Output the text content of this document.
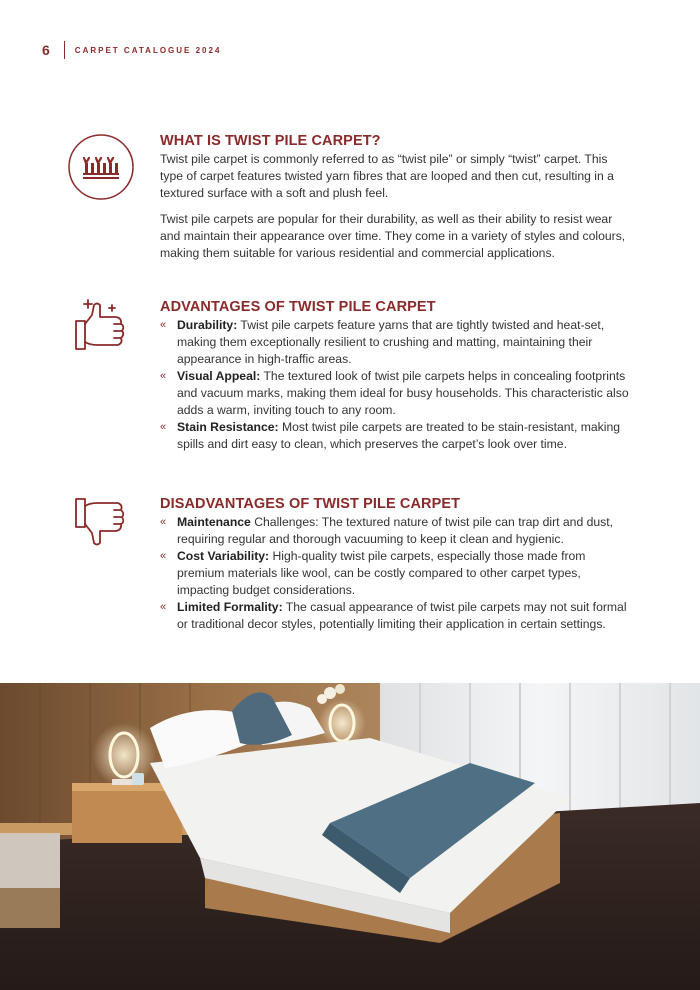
6	CARPET CATALOGUE 2024
WHAT IS TWIST PILE CARPET?

Twist pile carpet is commonly referred to as “twist pile” or simply “twist” carpet. This type of carpet features twisted yarn fibres that are looped and then cut, resulting in a textured surface with a soft and plush feel.

Twist pile carpets are popular for their durability, as well as their ability to resist wear and maintain their appearance over time. They come in a variety of styles and colours, making them suitable for various residential and commercial applications.

ADVANTAGES OF TWIST PILE CARPET
« Durability: Twist pile carpets feature yarns that are tightly twisted and heat-set, making them exceptionally resilient to crushing and matting, maintaining their appearance in high-traffic areas.
« Visual Appeal: The textured look of twist pile carpets helps in concealing footprints and vacuum marks, making them ideal for busy households. This characteristic also adds a warm, inviting touch to any room.
« Stain Resistance: Most twist pile carpets are treated to be stain-resistant, making spills and dirt easy to clean, which preserves the carpet’s look over time.
DISADVANTAGES OF TWIST PILE CARPET
« Maintenance Challenges: The textured nature of twist pile can trap dirt and dust, requiring regular and thorough vacuuming to keep it clean and hygienic.
« Cost Variability: High-quality twist pile carpets, especially those made from premium materials like wool, can be costly compared to other carpet types, impacting budget considerations.
« Limited Formality: The casual appearance of twist pile carpets may not suit formal or traditional decor styles, potentially limiting their application in certain settings.
